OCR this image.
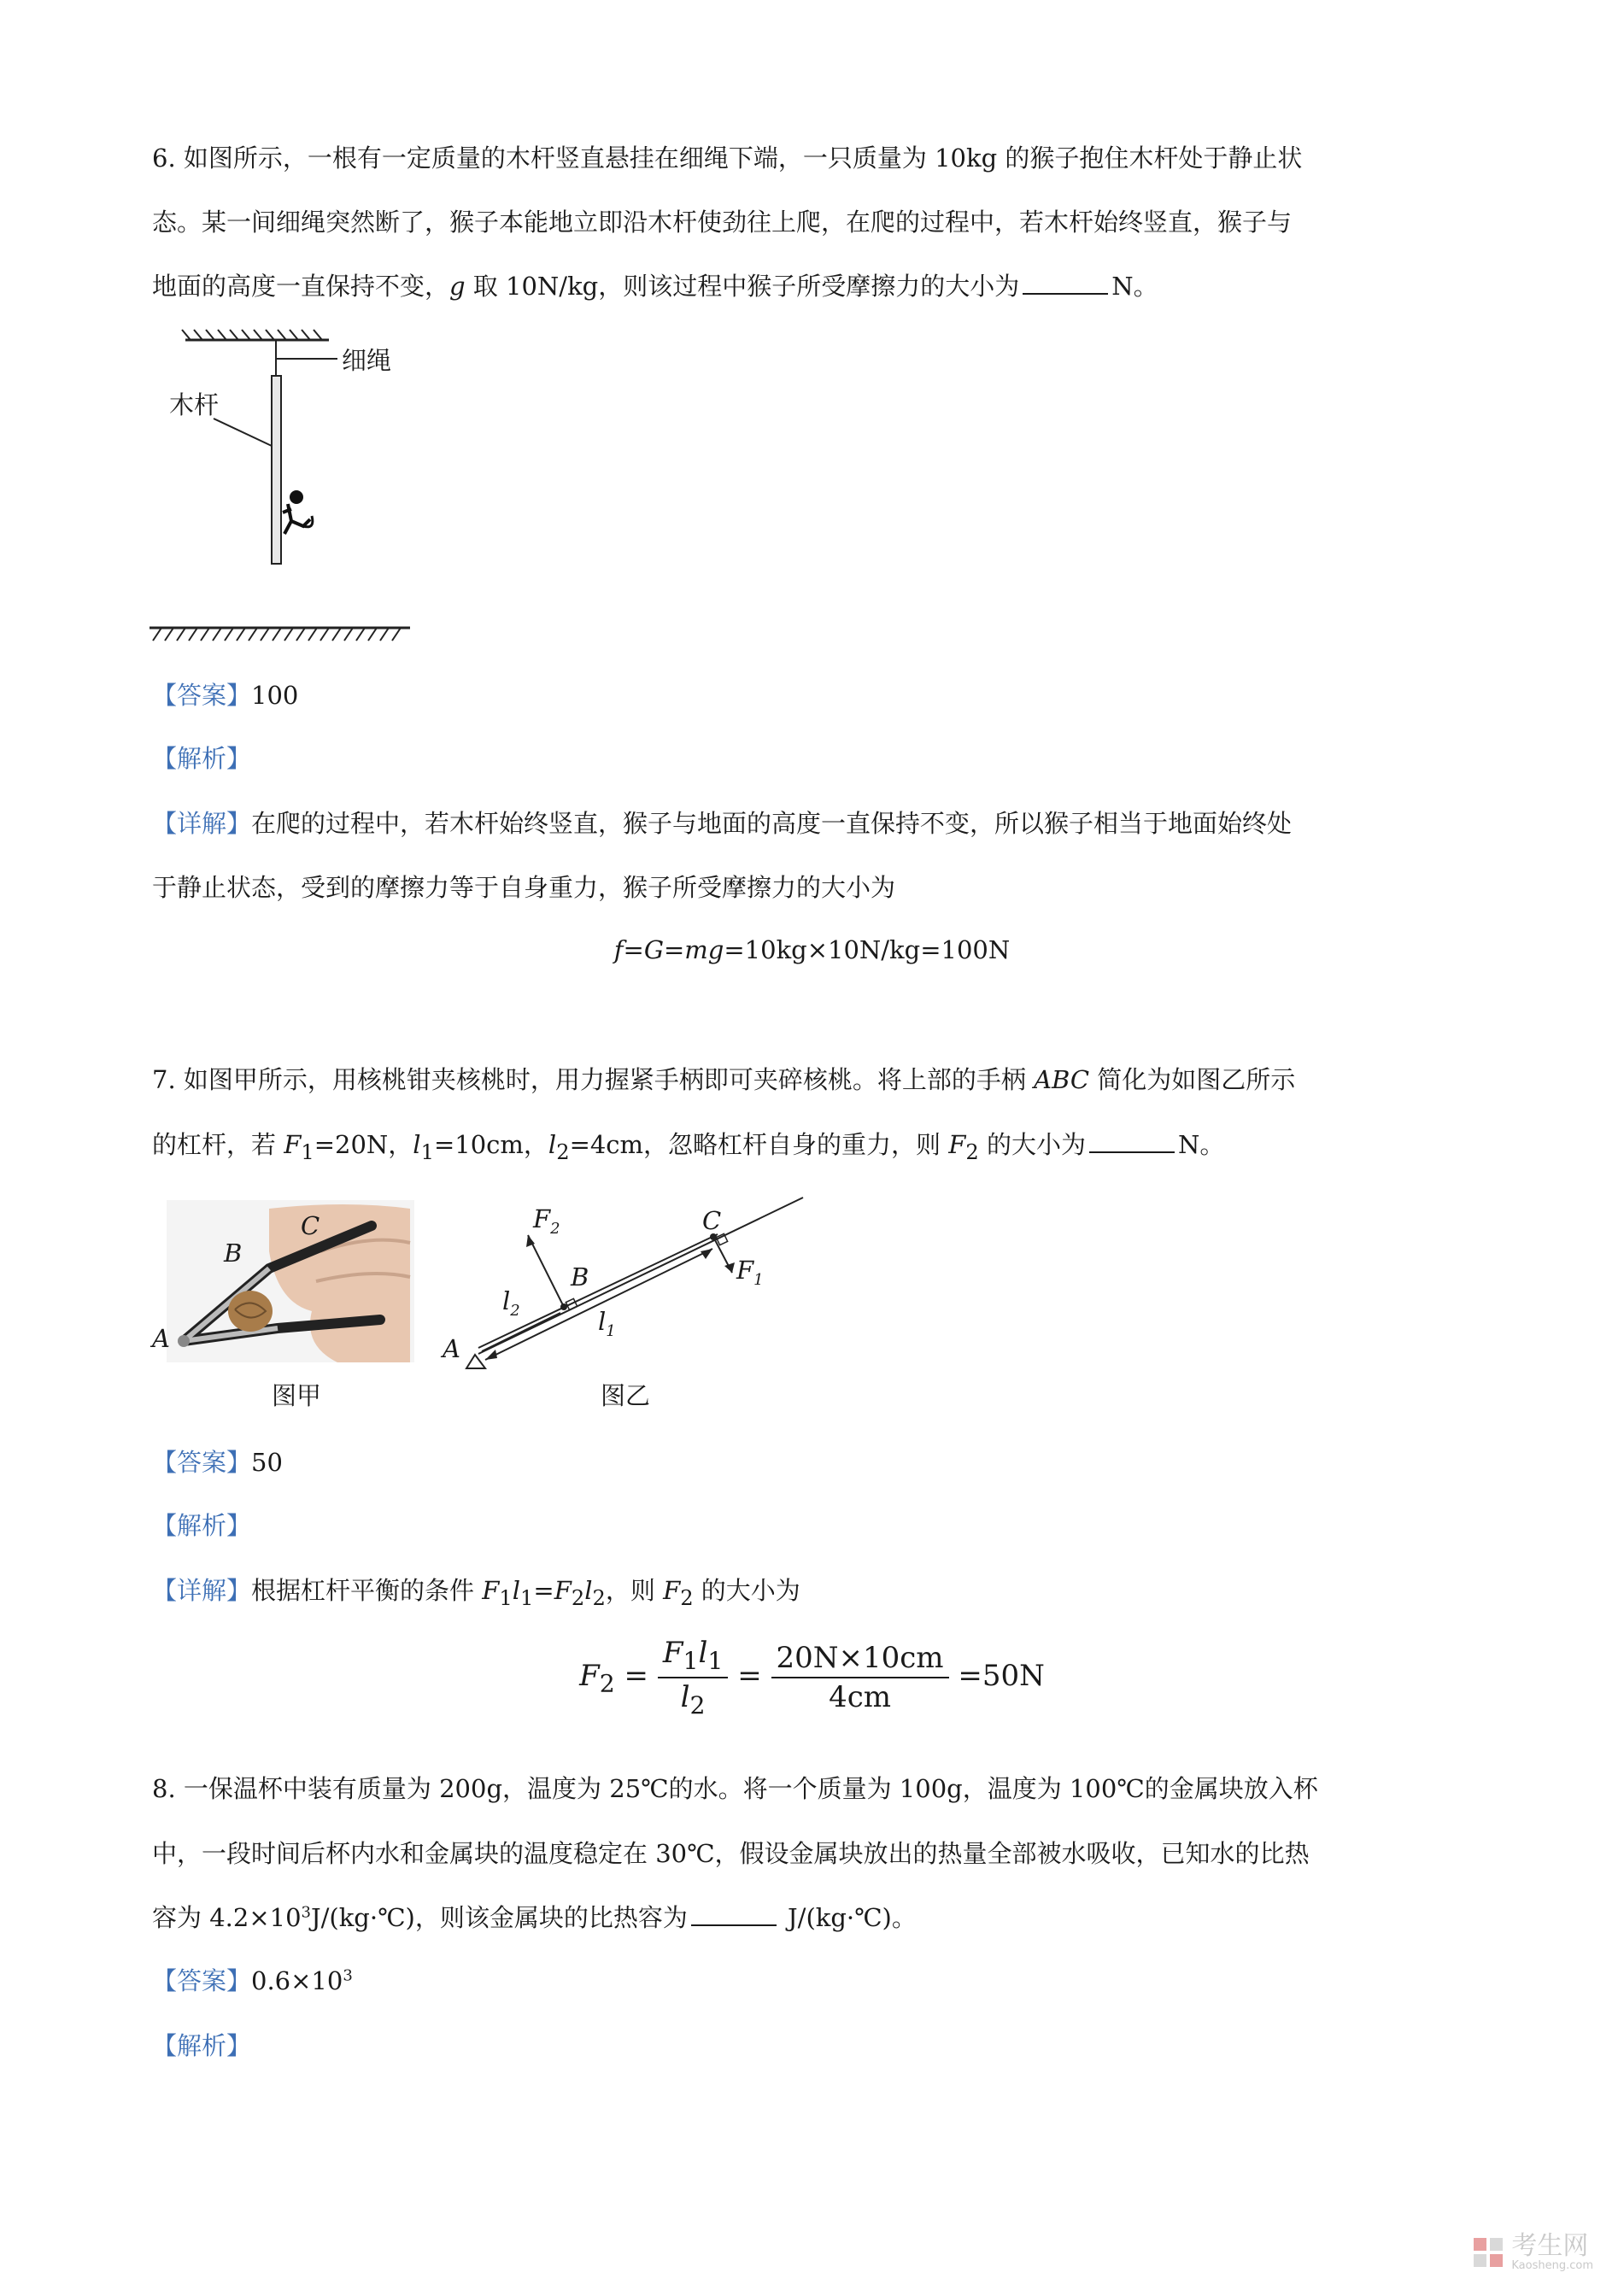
6. 如图所示，一根有一定质量的木杆竖直悬挂在细绳下端，一只质量为 10kg 的猴子抱住木杆处于静止状
态。某一间细绳突然断了，猴子本能地立即沿木杆使劲往上爬，在爬的过程中，若木杆始终竖直，猴子与
地面的高度一直保持不变，g 取 10N/kg，则该过程中猴子所受摩擦力的大小为	N。
细绳
木杆
【答案】100
【解析】
【详解】在爬的过程中，若木杆始终竖直，猴子与地面的高度一直保持不变，所以猴子相当于地面始终处
于静止状态，受到的摩擦力等于自身重力，猴子所受摩擦力的大小为
f=G=mg=10kg×10N/kg=100N
7. 如图甲所示，用核桃钳夹核桃时，用力握紧手柄即可夹碎核桃。将上部的手柄 ABC 简化为如图乙所示
的杠杆，若 $F_1=20N$，$l_1=10cm$，$l_2=4cm$，忽略杠杆自身的重力，则 $F_2$ 的大小为	N。
C
B
A
图甲
$F_2$	C
$F_1$
B
$l_2$	$l_1$
A
图乙
【答案】50
【解析】
【详解】根据杠杆平衡的条件 $F_1l_1=F_2l_2$，则 $F_2$ 的大小为
$F_2 = \frac{F_1l_1}{l_2} = \frac{20N\times 10cm}{4cm} =50N$
8. 一保温杯中装有质量为 200g，温度为 25℃的水。将一个质量为 100g，温度为 100℃的金属块放入杯
中，一段时间后杯内水和金属块的温度稳定在 30℃，假设金属块放出的热量全部被水吸收，已知水的比热
容为 $4.2\times 10^3J/(kg\cdot℃)$，则该金属块的比热容为	J/(kg·℃)。
【答案】$0.6\times 10^3$
【解析】
考生网
Kaosheng.com
